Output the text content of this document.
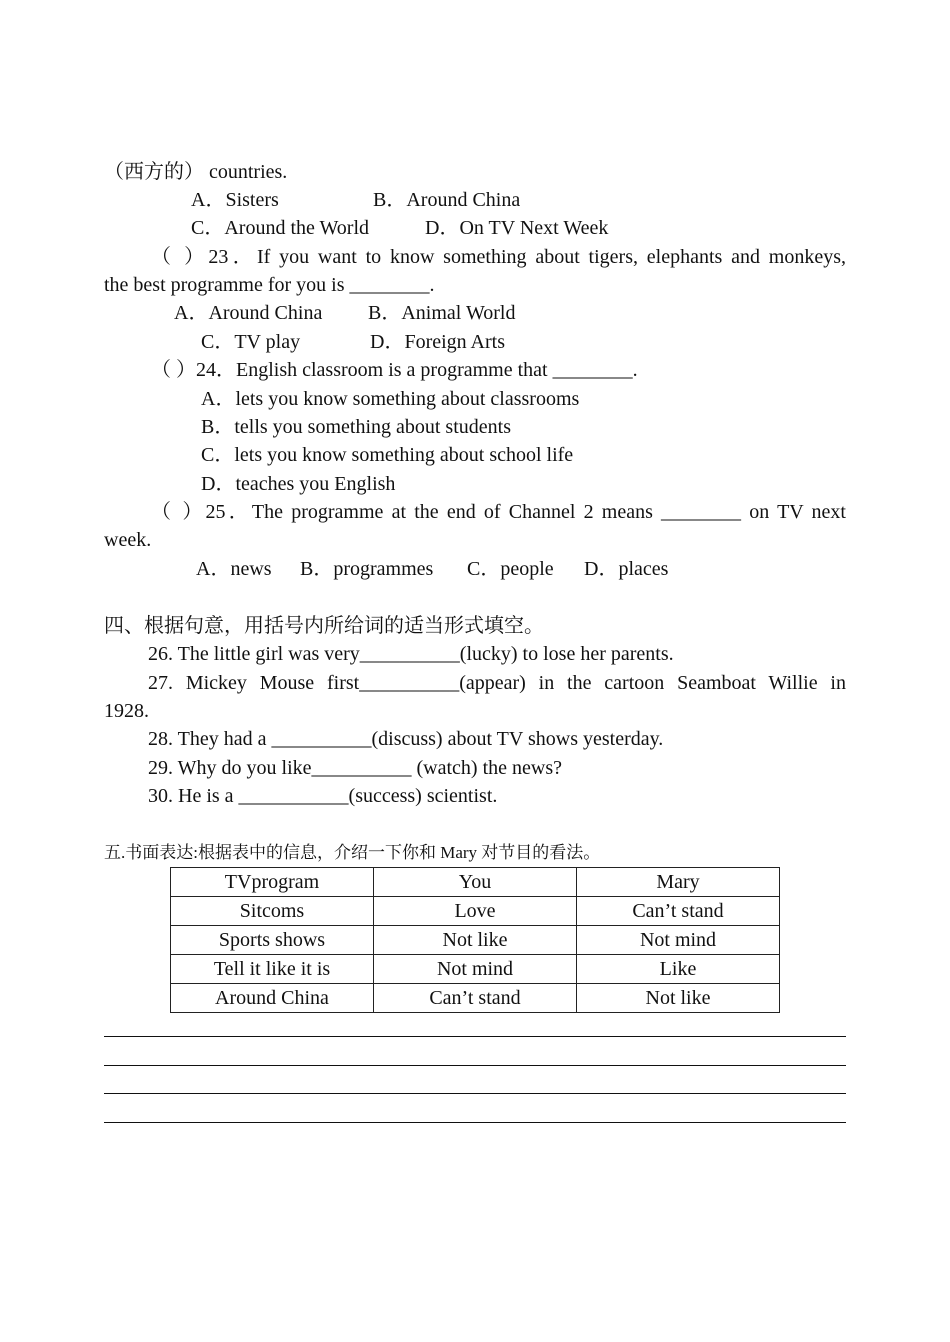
（西方的） countries.
A．Sisters	B．Around China
C．Around the World	D．On TV Next Week
（ ）23．If you want to know something about tigers, elephants and monkeys,
the best programme for you is ________.
A．Around China B．Animal World
C．TV play	D．Foreign Arts
（ ）24．English classroom is a programme that ________.
A．lets you know something about classrooms
B．tells you something about students
C．lets you know something about school life
D．teaches you English
（ ）25．The programme at the end of Channel 2 means ________ on TV next
week.
A．news B．programmes C．people D．places
四、根据句意，用括号内所给词的适当形式填空。
26. The little girl was very__________(lucky) to lose her parents.
27. Mickey Mouse first__________(appear) in the cartoon Seamboat Willie in
1928.
28. They had a __________(discuss) about TV shows yesterday.
29. Why do you like__________ (watch) the news?
30. He is a ___________(success) scientist.
五.书面表达:根据表中的信息，介绍一下你和 Mary 对节目的看法。
TVprogram	You	Mary
Sitcoms	Love	Can’t stand
Sports shows	Not like	Not mind
Tell it like it is	Not mind	Like
Around China	Can’t stand	Not like
